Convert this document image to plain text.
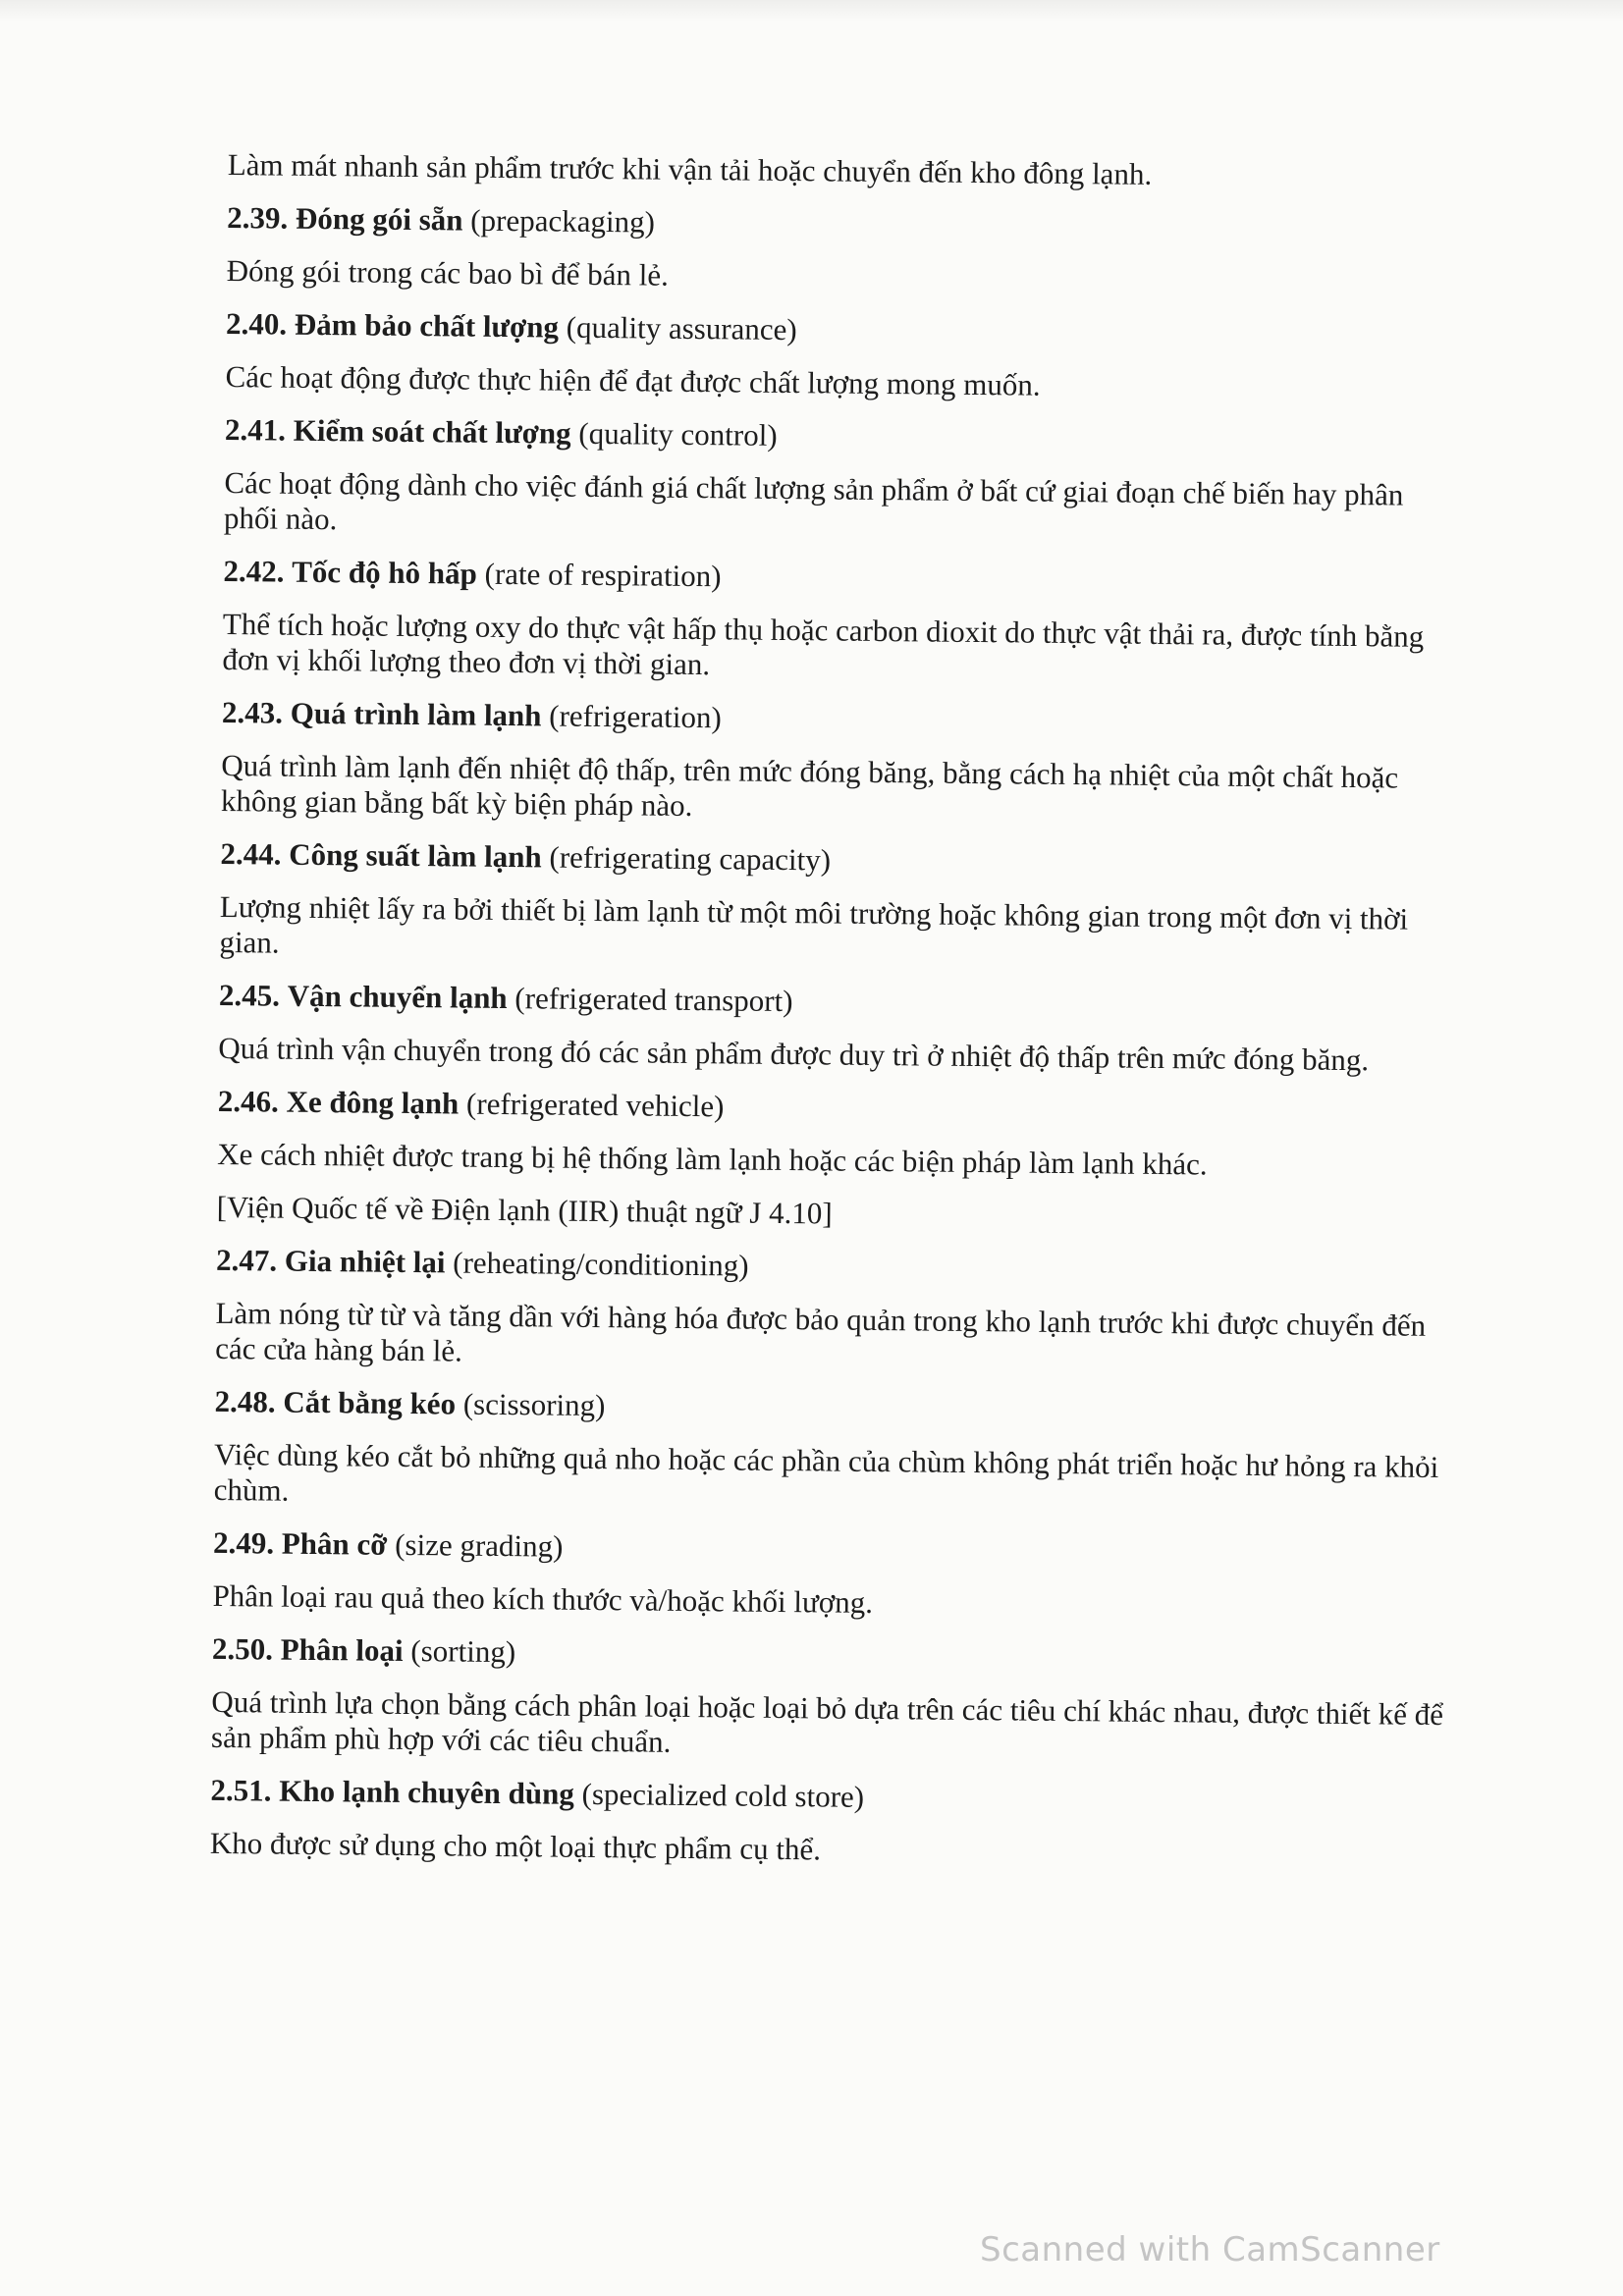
Làm mát nhanh sản phẩm trước khi vận tải hoặc chuyển đến kho đông lạnh.
2.39. Đóng gói sẵn (prepackaging)
Đóng gói trong các bao bì để bán lẻ.
2.40. Đảm bảo chất lượng (quality assurance)
Các hoạt động được thực hiện để đạt được chất lượng mong muốn.
2.41. Kiểm soát chất lượng (quality control)
Các hoạt động dành cho việc đánh giá chất lượng sản phẩm ở bất cứ giai đoạn chế biến hay phân phối nào.
2.42. Tốc độ hô hấp (rate of respiration)
Thể tích hoặc lượng oxy do thực vật hấp thụ hoặc carbon dioxit do thực vật thải ra, được tính bằng đơn vị khối lượng theo đơn vị thời gian.
2.43. Quá trình làm lạnh (refrigeration)
Quá trình làm lạnh đến nhiệt độ thấp, trên mức đóng băng, bằng cách hạ nhiệt của một chất hoặc không gian bằng bất kỳ biện pháp nào.
2.44. Công suất làm lạnh (refrigerating capacity)
Lượng nhiệt lấy ra bởi thiết bị làm lạnh từ một môi trường hoặc không gian trong một đơn vị thời gian.
2.45. Vận chuyển lạnh (refrigerated transport)
Quá trình vận chuyển trong đó các sản phẩm được duy trì ở nhiệt độ thấp trên mức đóng băng.
2.46. Xe đông lạnh (refrigerated vehicle)
Xe cách nhiệt được trang bị hệ thống làm lạnh hoặc các biện pháp làm lạnh khác.
[Viện Quốc tế về Điện lạnh (IIR) thuật ngữ J 4.10]
2.47. Gia nhiệt lại (reheating/conditioning)
Làm nóng từ từ và tăng dần với hàng hóa được bảo quản trong kho lạnh trước khi được chuyển đến các cửa hàng bán lẻ.
2.48. Cắt bằng kéo (scissoring)
Việc dùng kéo cắt bỏ những quả nho hoặc các phần của chùm không phát triển hoặc hư hỏng ra khỏi chùm.
2.49. Phân cỡ (size grading)
Phân loại rau quả theo kích thước và/hoặc khối lượng.
2.50. Phân loại (sorting)
Quá trình lựa chọn bằng cách phân loại hoặc loại bỏ dựa trên các tiêu chí khác nhau, được thiết kế để sản phẩm phù hợp với các tiêu chuẩn.
2.51. Kho lạnh chuyên dùng (specialized cold store)
Kho được sử dụng cho một loại thực phẩm cụ thể.
Scanned with CamScanner
